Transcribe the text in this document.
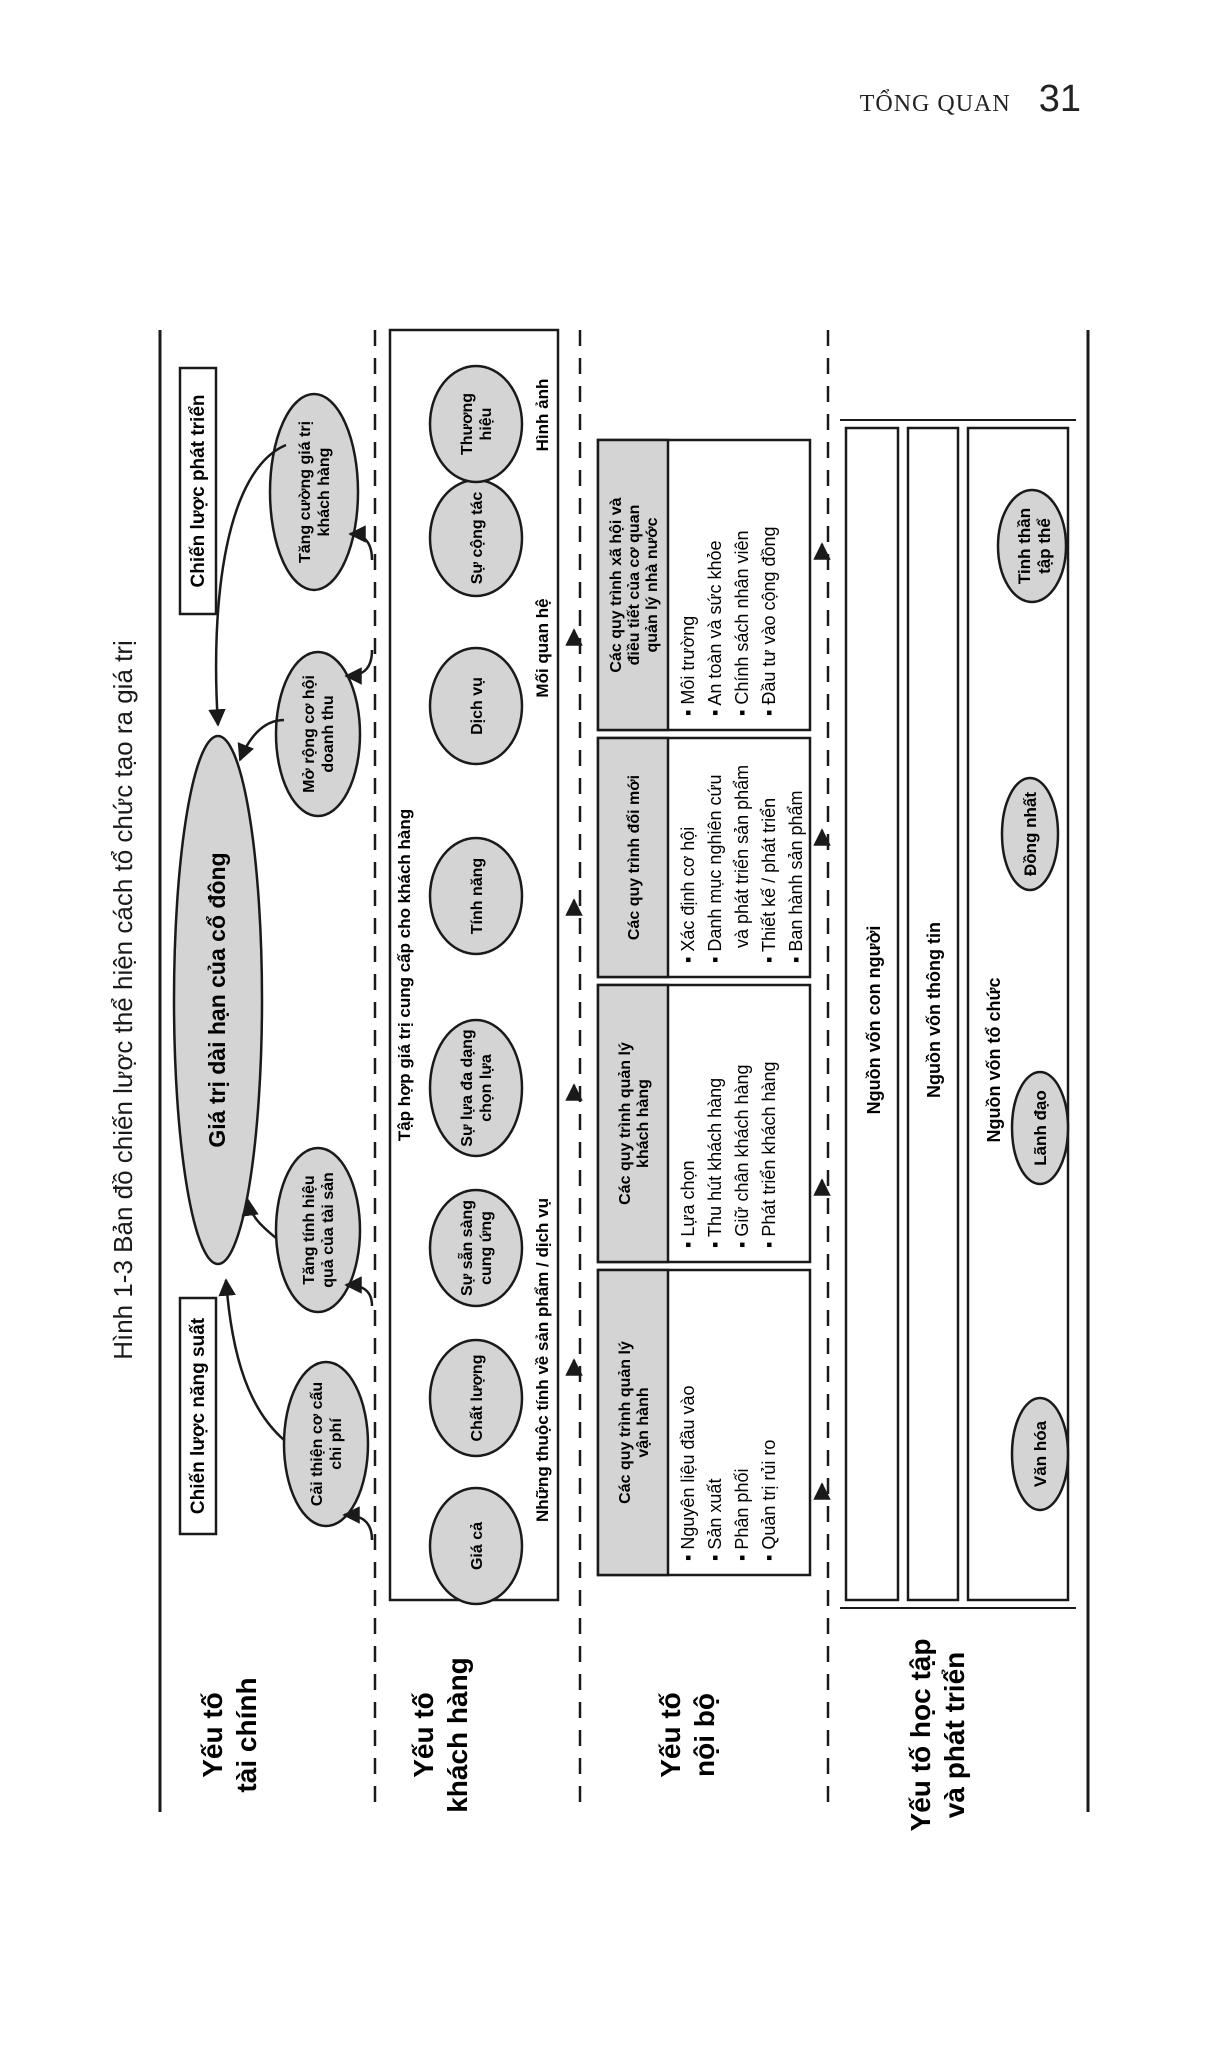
TỔNG QUAN 31
Hình 1-3 Bản đồ chiến lược thể hiện cách tổ chức tạo ra giá trị
Yếu tố tài chính	Yếu tố khách hàng	Yếu tố nội bộ	Yếu tố học tập và phát triển
Chiến lược năng suất
Chiến lược phát triển
Giá trị dài hạn của cổ đông
Cải thiện cơ cấu chi phí
Tăng tính hiệu quả của tài sản
Mở rộng cơ hội doanh thu
Tăng cường giá trị khách hàng
Tập hợp giá trị cung cấp cho khách hàng
Giá cả
Chất lượng
Sự sẵn sàng cung ứng
Sự lựa đa dạng chọn lựa
Tính năng
Dịch vụ
Sự cộng tác
Thương hiệu
Những thuộc tính về sản phẩm / dịch vụ
Mối quan hệ
Hình ảnh
Các quy trình quản lývận hành
▪ Nguyên liệu đầu vào
▪ Sản xuất
▪ Phân phối
▪ Quản trị rủi ro
Các quy trình quản lýkhách hàng
▪ Lựa chọn
▪ Thu hút khách hàng
▪ Giữ chân khách hàng
▪ Phát triển khách hàng
Các quy trình đổi mới
▪ Xác định cơ hội
▪ Danh mục nghiên cứu và phát triển sản phẩm
▪ Thiết kế / phát triển
▪ Ban hành sản phẩm
Các quy trình xã hội vàđiều tiết của cơ quanquản lý nhà nước
▪ Môi trường
▪ An toàn và sức khỏe
▪ Chính sách nhân viên
▪ Đầu tư vào cộng đồng
Nguồn vốn con người Nguồn vốn thông tin Nguồn vốn tổ chức
Văn hóa
Lãnh đạo
Đồng nhất
Tinh thầntập thể
